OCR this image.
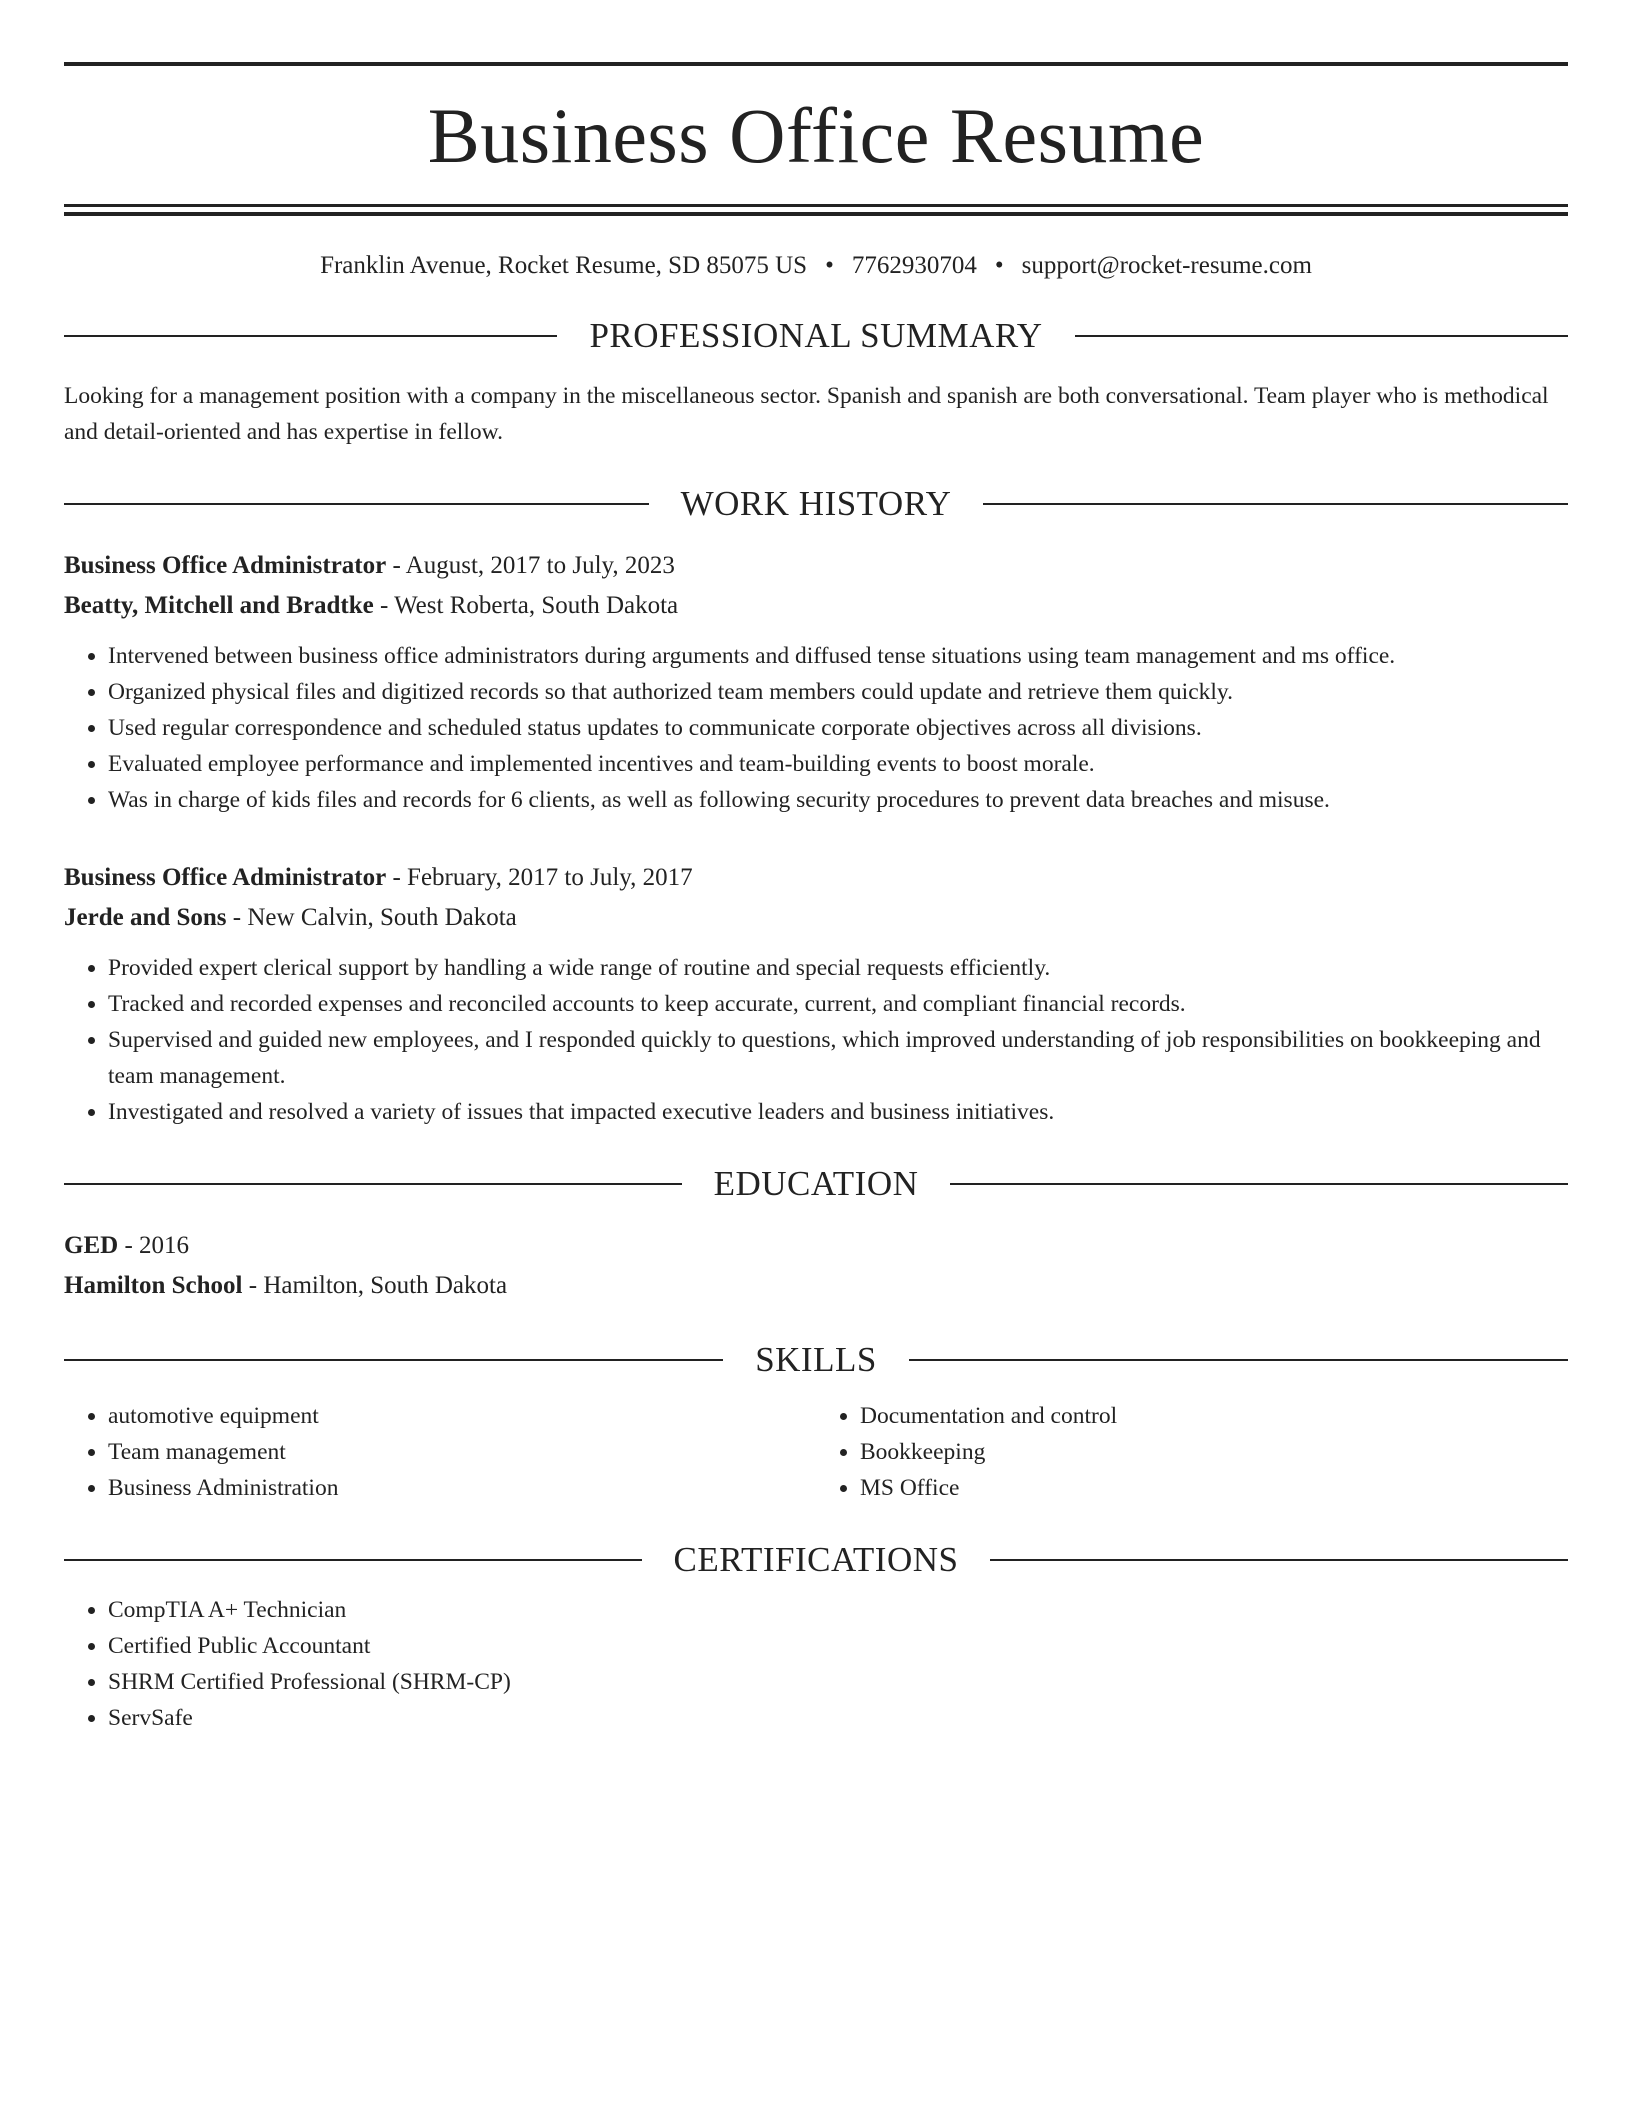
Business Office Resume
Franklin Avenue, Rocket Resume, SD 85075 US • 7762930704 • support@rocket-resume.com
PROFESSIONAL SUMMARY
Looking for a management position with a company in the miscellaneous sector. Spanish and spanish are both conversational. Team player who is methodical and detail-oriented and has expertise in fellow.
WORK HISTORY
Business Office Administrator - August, 2017 to July, 2023
Beatty, Mitchell and Bradtke - West Roberta, South Dakota
• Intervened between business office administrators during arguments and diffused tense situations using team management and ms office.
• Organized physical files and digitized records so that authorized team members could update and retrieve them quickly.
• Used regular correspondence and scheduled status updates to communicate corporate objectives across all divisions.
• Evaluated employee performance and implemented incentives and team-building events to boost morale.
• Was in charge of kids files and records for 6 clients, as well as following security procedures to prevent data breaches and misuse.
Business Office Administrator - February, 2017 to July, 2017
Jerde and Sons - New Calvin, South Dakota
• Provided expert clerical support by handling a wide range of routine and special requests efficiently.
• Tracked and recorded expenses and reconciled accounts to keep accurate, current, and compliant financial records.
• Supervised and guided new employees, and I responded quickly to questions, which improved understanding of job responsibilities on bookkeeping and team management.
• Investigated and resolved a variety of issues that impacted executive leaders and business initiatives.
EDUCATION
GED - 2016
Hamilton School - Hamilton, South Dakota
SKILLS
• automotive equipment
• Team management
• Business Administration
• Documentation and control
• Bookkeeping
• MS Office
CERTIFICATIONS
• CompTIA A+ Technician
• Certified Public Accountant
• SHRM Certified Professional (SHRM-CP)
• ServSafe
